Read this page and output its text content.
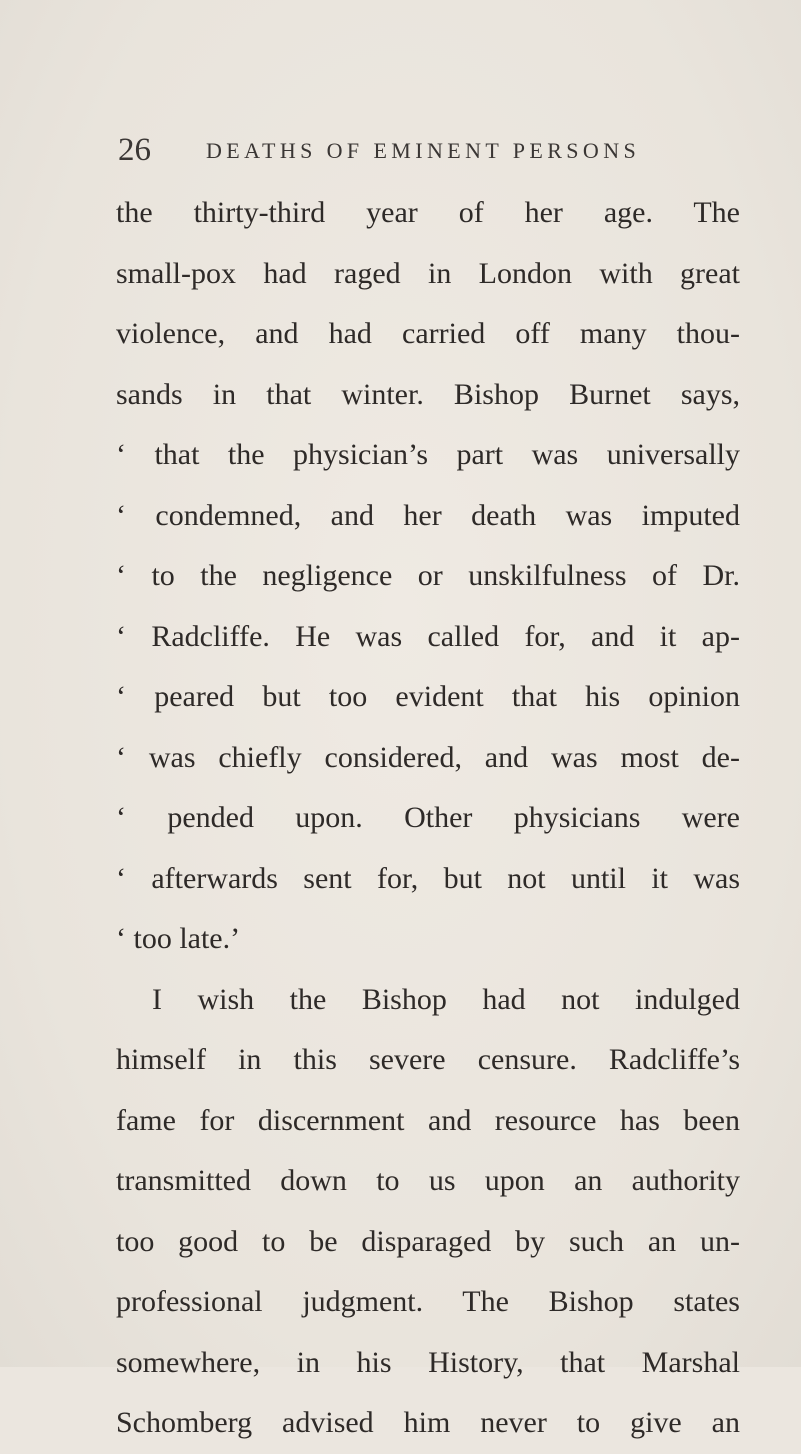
26	DEATHS OF EMINENT PERSONS
the thirty-third year of her age. The
small-pox had raged in London with great
violence, and had carried off many thou-
sands in that winter. Bishop Burnet says,
‘ that the physician’s part was universally
‘ condemned, and her death was imputed
‘ to the negligence or unskilfulness of Dr.
‘ Radcliffe. He was called for, and it ap-
‘ peared but too evident that his opinion
‘ was chiefly considered, and was most de-
‘ pended upon. Other physicians were
‘ afterwards sent for, but not until it was
‘ too late.’
I wish the Bishop had not indulged
himself in this severe censure. Radcliffe’s
fame for discernment and resource has been
transmitted down to us upon an authority
too good to be disparaged by such an un-
professional judgment. The Bishop states
somewhere, in his History, that Marshal
Schomberg advised him never to give an
